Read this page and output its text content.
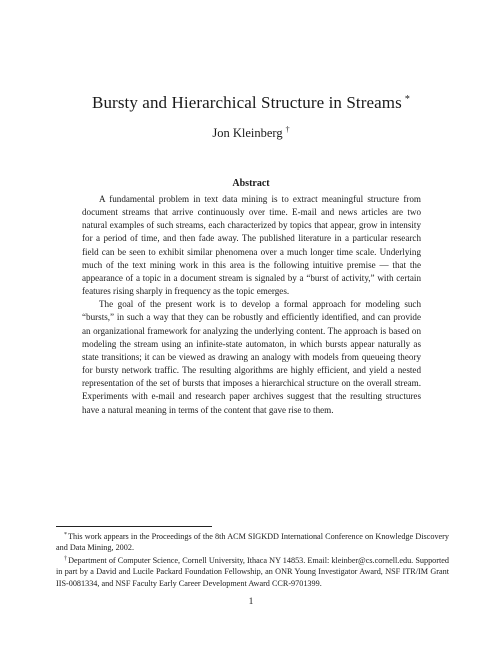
Bursty and Hierarchical Structure in Streams *
Jon Kleinberg †
Abstract

A fundamental problem in text data mining is to extract meaningful structure from document streams that arrive continuously over time. E-mail and news articles are two natural examples of such streams, each characterized by topics that appear, grow in intensity for a period of time, and then fade away. The published literature in a particular research field can be seen to exhibit similar phenomena over a much longer time scale. Underlying much of the text mining work in this area is the following intuitive premise — that the appearance of a topic in a document stream is signaled by a “burst of activity,” with certain features rising sharply in frequency as the topic emerges.

The goal of the present work is to develop a formal approach for modeling such “bursts,” in such a way that they can be robustly and efficiently identified, and can provide an organizational framework for analyzing the underlying content. The approach is based on modeling the stream using an infinite-state automaton, in which bursts appear naturally as state transitions; it can be viewed as drawing an analogy with models from queueing theory for bursty network traffic. The resulting algorithms are highly efficient, and yield a nested representation of the set of bursts that imposes a hierarchical structure on the overall stream. Experiments with e-mail and research paper archives suggest that the resulting structures have a natural meaning in terms of the content that gave rise to them.

*This work appears in the Proceedings of the 8th ACM SIGKDD International Conference on Knowledge Discovery and Data Mining, 2002.

†Department of Computer Science, Cornell University, Ithaca NY 14853. Email: kleinber@cs.cornell.edu. Supported in part by a David and Lucile Packard Foundation Fellowship, an ONR Young Investigator Award, NSF ITR/IM Grant IIS-0081334, and NSF Faculty Early Career Development Award CCR-9701399.

1
